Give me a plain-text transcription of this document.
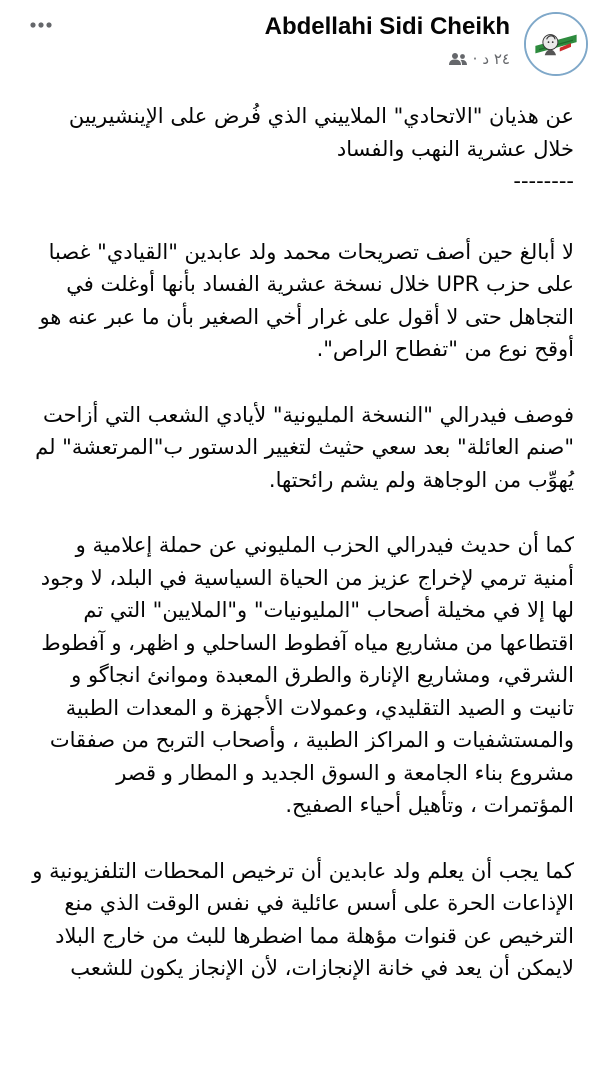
Abdellahi Sidi Cheikh
٢٤ د
·

عن هذيان "الاتحادي" الملاييني الذي فُرض على الإينشيريين خلال عشرية النهب والفساد
--------

لا أبالغ حين أصف تصريحات محمد ولد عابدين "القيادي" غصبا على حزب UPR خلال نسخة عشرية الفساد بأنها أوغلت في التجاهل حتى لا أقول على غرار أخي الصغير بأن ما عبر عنه هو أوقح نوع من "تفطاح الراص".

فوصف فيدرالي "النسخة المليونية" لأيادي الشعب التي أزاحت "صنم العائلة" بعد سعي حثيث لتغيير الدستور ب"المرتعشة" لم يُهوِّب من الوجاهة ولم يشم رائحتها.

كما أن حديث فيدرالي الحزب المليوني عن حملة إعلامية و أمنية ترمي لإخراج عزيز من الحياة السياسية في البلد، لا وجود لها إلا في مخيلة أصحاب "المليونيات" و"الملايين" التي تم اقتطاعها من مشاريع مياه آفطوط الساحلي و اظهر، و آفطوط الشرقي، ومشاريع الإنارة والطرق المعبدة وموانئ انجاگو و تانيت و الصيد التقليدي، وعمولات الأجهزة و المعدات الطبية والمستشفيات و المراكز الطبية ، وأصحاب التربح من صفقات مشروع بناء الجامعة و السوق الجديد و المطار و قصر المؤتمرات ، وتأهيل أحياء الصفيح.

كما يجب أن يعلم ولد عابدين أن ترخيص المحطات التلفزيونية و الإذاعات الحرة على أسس عائلية في نفس الوقت الذي منع الترخيص عن قنوات مؤهلة مما اضطرها للبث من خارج البلاد لايمكن أن يعد في خانة الإنجازات، لأن الإنجاز يكون للشعب
